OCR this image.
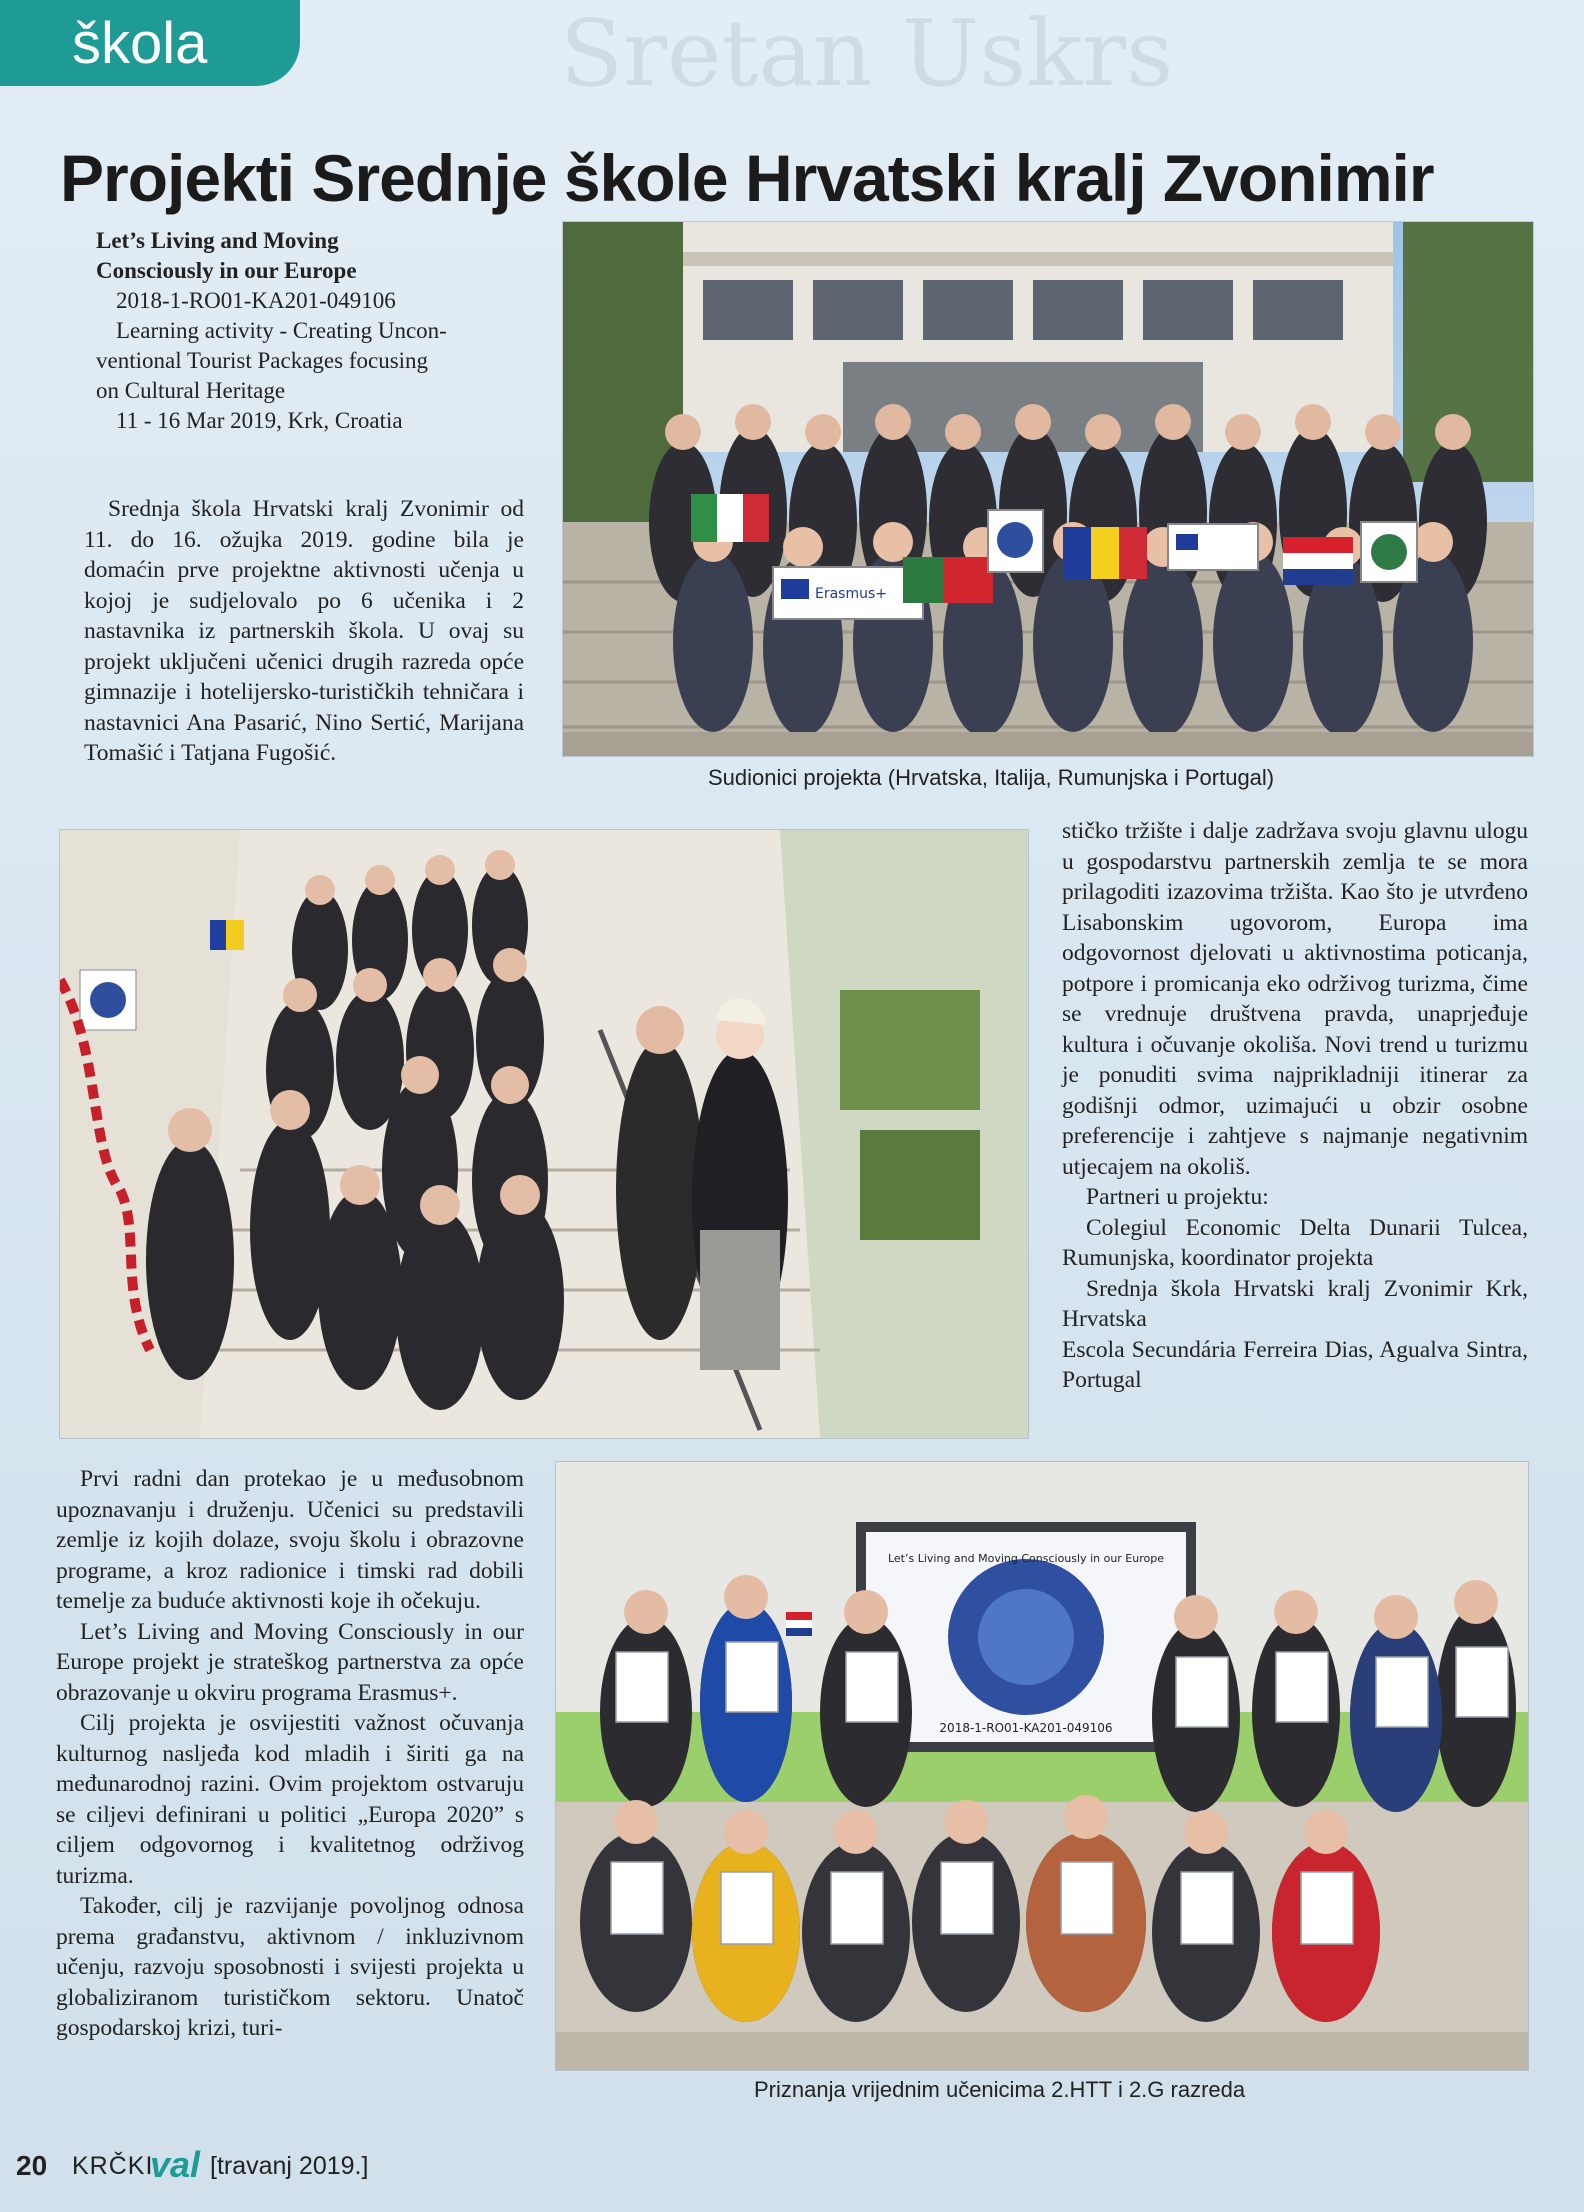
Sretan Uskrs
škola
Projekti Srednje škole Hrvatski kralj Zvonimir
Let’s Living and Moving
Consciously in our Europe
2018-1-RO01-KA201-049106
Learning activity - Creating Uncon-
ventional Tourist Packages focusing
on Cultural Heritage
11 - 16 Mar 2019, Krk, Croatia

Srednja škola Hrvatski kralj Zvonimir od 11. do 16. ožujka 2019. godine bila je domaćin prve projektne aktivnosti učenja u kojoj je sudjelovalo po 6 učenika i 2 nastavnika iz partnerskih škola. U ovaj su projekt uključeni učenici drugih razreda opće gimnazije i hotelijersko-turističkih tehničara i nastavnici Ana Pasarić, Nino Sertić, Marijana Tomašić i Tatjana Fugošić.

Erasmus+
Sudionici projekta (Hrvatska, Italija, Rumunjska i Portugal)

stičko tržište i dalje zadržava svoju glavnu ulogu u gospodarstvu partnerskih zemlja te se mora prilagoditi izazovima tržišta. Kao što je utvrđeno Lisabonskim ugovorom, Europa ima odgovornost djelovati u aktivnostima poticanja, potpore i promicanja eko održivog turizma, čime se vrednuje društvena pravda, unaprjeđuje kultura i očuvanje okoliša. Novi trend u turizmu je ponuditi svima najprikladniji itinerar za godišnji odmor, uzimajući u obzir osobne preferencije i zahtjeve s najmanje negativnim utjecajem na okoliš.

Partneri u projektu:

Colegiul Economic Delta Dunarii Tulcea, Rumunjska, koordinator projekta

Srednja škola Hrvatski kralj Zvonimir Krk, Hrvatska

Escola Secundária Ferreira Dias, Agualva Sintra, Portugal

Prvi radni dan protekao je u međusobnom upoznavanju i druženju. Učenici su predstavili zemlje iz kojih dolaze, svoju školu i obrazovne programe, a kroz radionice i timski rad dobili temelje za buduće aktivnosti koje ih očekuju.

Let’s Living and Moving Consciously in our Europe projekt je strateškog partnerstva za opće obrazovanje u okviru programa Erasmus+.

Cilj projekta je osvijestiti važnost očuvanja kulturnog nasljeđa kod mladih i širiti ga na međunarodnoj razini. Ovim projektom ostvaruju se ciljevi definirani u politici „Europa 2020” s ciljem odgovornog i kvalitetnog održivog turizma.

Također, cilj je razvijanje povoljnog odnosa prema građanstvu, aktivnom / inkluzivnom učenju, razvoju sposobnosti i svijesti projekta u globaliziranom turističkom sektoru. Unatoč gospodarskoj krizi, turi-

Let’s Living and Moving Consciously in our Europe
2018-1-RO01-KA201-049106
Priznanja vrijednim učenicima 2.HTT i 2.G razreda
20 KRČKI
val [travanj 2019.]
